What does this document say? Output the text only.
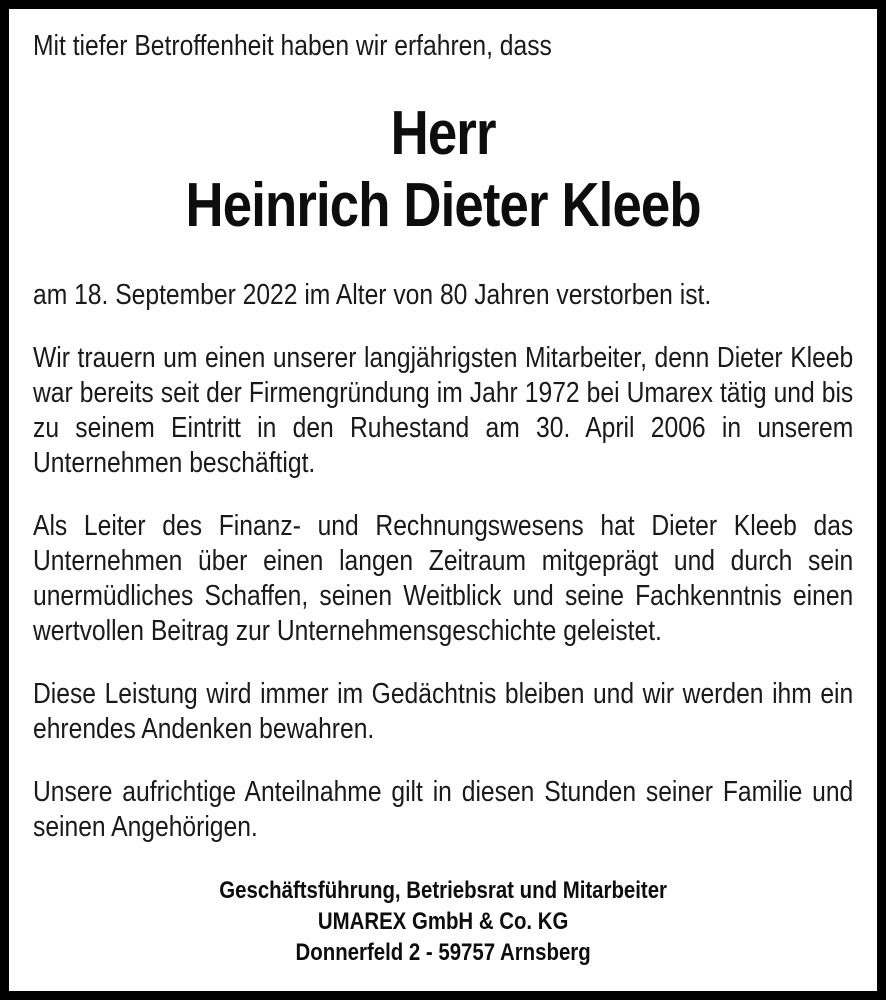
Mit tiefer Betroffenheit haben wir erfahren, dass

Herr
Heinrich Dieter Kleeb

am 18. September 2022 im Alter von 80 Jahren verstorben ist.

Wir trauern um einen unserer langjährigsten Mitarbeiter, denn Dieter Kleeb war bereits seit der Firmengründung im Jahr 1972 bei Umarex tätig und bis zu seinem Eintritt in den Ruhestand am 30. April 2006 in unserem Unternehmen beschäftigt.

Als Leiter des Finanz- und Rechnungswesens hat Dieter Kleeb das Unternehmen über einen langen Zeitraum mitgeprägt und durch sein unermüdliches Schaffen, seinen Weitblick und seine Fachkenntnis einen wertvollen Beitrag zur Unternehmensgeschichte geleistet.

Diese Leistung wird immer im Gedächtnis bleiben und wir werden ihm ein ehrendes Andenken bewahren.

Unsere aufrichtige Anteilnahme gilt in diesen Stunden seiner Familie und seinen Angehörigen.

Geschäftsführung, Betriebsrat und Mitarbeiter
UMAREX GmbH & Co. KG
Donnerfeld 2 - 59757 Arnsberg
